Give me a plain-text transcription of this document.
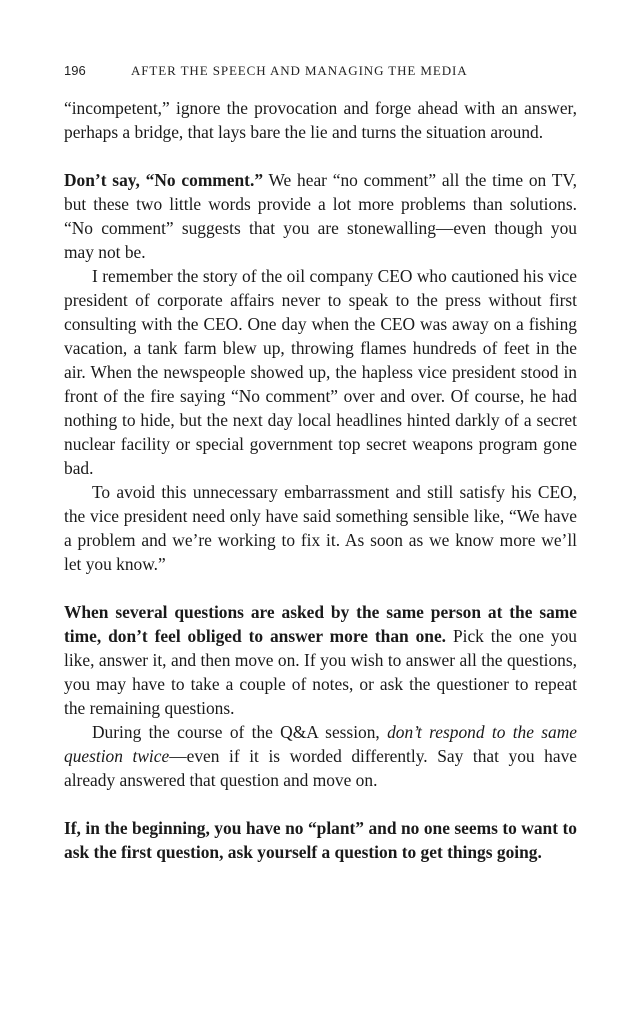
196	AFTER THE SPEECH AND MANAGING THE MEDIA

“incompetent,” ignore the provocation and forge ahead with an answer, perhaps a bridge, that lays bare the lie and turns the situation around.

Don’t say, “No comment.” We hear “no comment” all the time on TV, but these two little words provide a lot more problems than solutions. “No comment” suggests that you are stonewalling—even though you may not be.

I remember the story of the oil company CEO who cautioned his vice president of corporate affairs never to speak to the press without first consulting with the CEO. One day when the CEO was away on a fishing vacation, a tank farm blew up, throwing flames hundreds of feet in the air. When the newspeople showed up, the hapless vice president stood in front of the fire saying “No comment” over and over. Of course, he had nothing to hide, but the next day local headlines hinted darkly of a secret nuclear facility or special government top secret weapons program gone bad.

To avoid this unnecessary embarrassment and still satisfy his CEO, the vice president need only have said something sensible like, “We have a problem and we’re working to fix it. As soon as we know more we’ll let you know.”

When several questions are asked by the same person at the same time, don’t feel obliged to answer more than one. Pick the one you like, answer it, and then move on. If you wish to answer all the questions, you may have to take a couple of notes, or ask the questioner to repeat the remaining questions.

During the course of the Q&A session, don’t respond to the same question twice—even if it is worded differently. Say that you have already answered that question and move on.

If, in the beginning, you have no “plant” and no one seems to want to ask the first question, ask yourself a question to get things going.
